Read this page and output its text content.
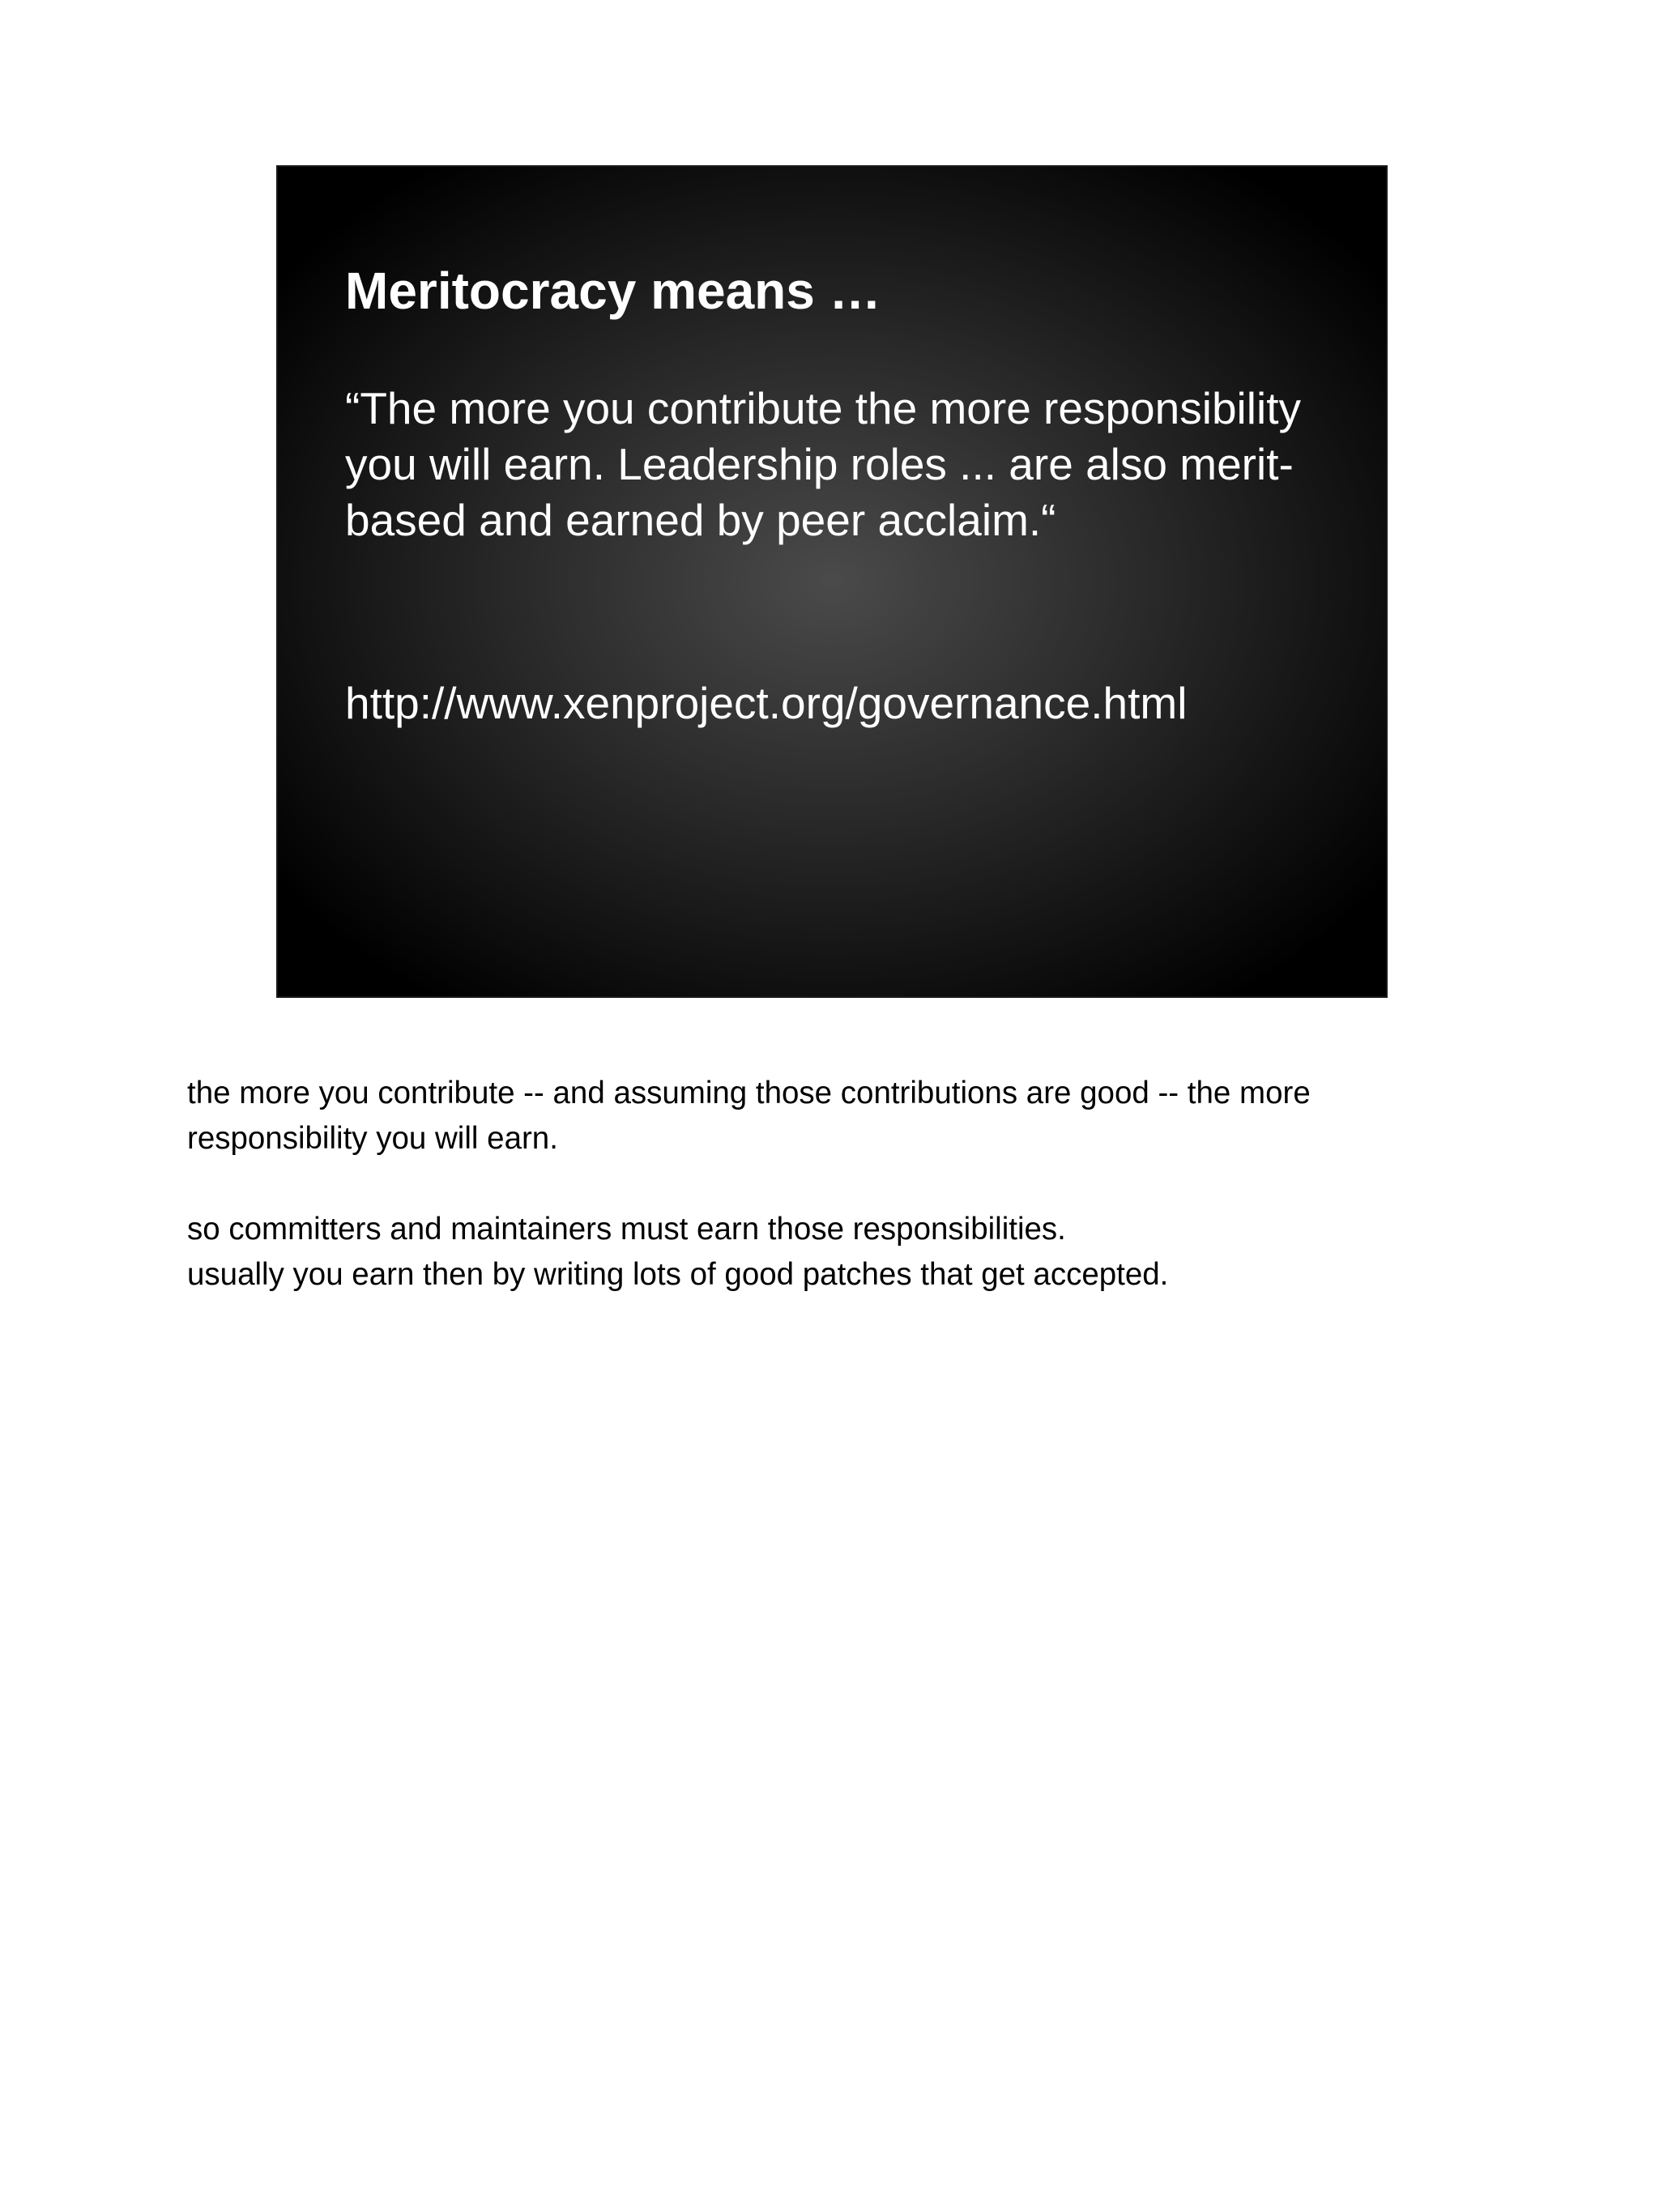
Meritocracy means …

“The more you contribute the more responsibility you will earn. Leadership roles ... are also merit-based and earned by peer acclaim.“

http://www.xenproject.org/governance.html

the more you contribute -- and assuming those contributions are good -- the more responsibility you will earn.

so committers and maintainers must earn those responsibilities.

usually you earn then by writing lots of good patches that get accepted.
